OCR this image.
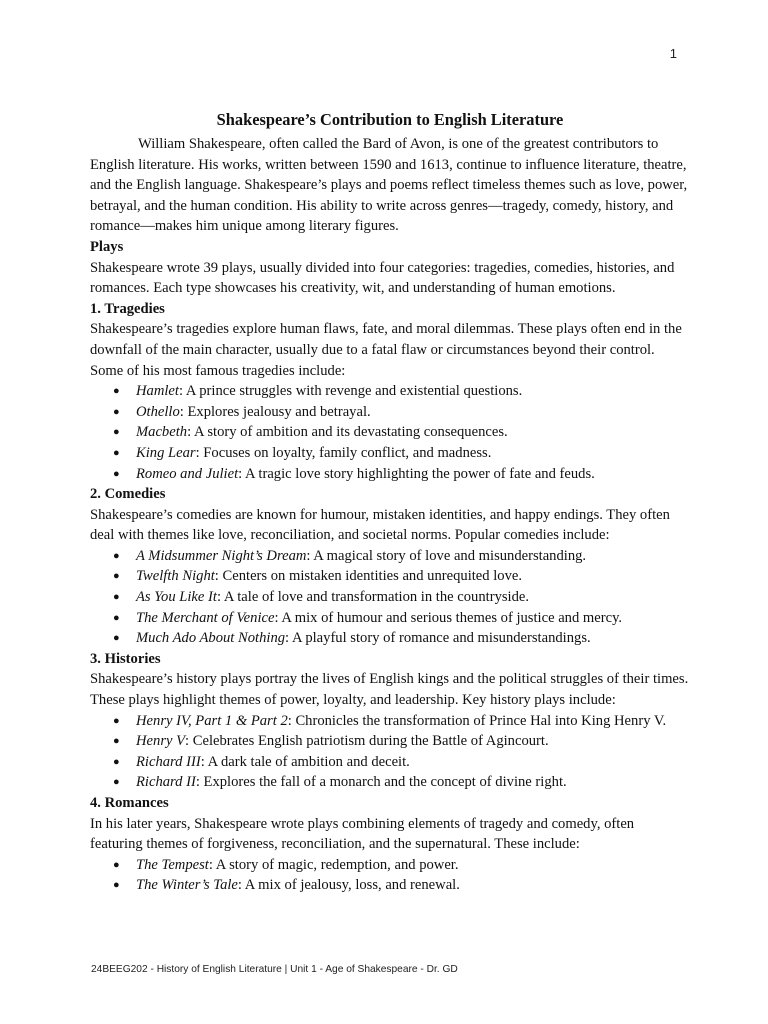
1
Shakespeare’s Contribution to English Literature

William Shakespeare, often called the Bard of Avon, is one of the greatest contributors to English literature. His works, written between 1590 and 1613, continue to influence literature, theatre, and the English language. Shakespeare’s plays and poems reflect timeless themes such as love, power, betrayal, and the human condition. His ability to write across genres—tragedy, comedy, history, and romance—makes him unique among literary figures.

Plays

Shakespeare wrote 39 plays, usually divided into four categories: tragedies, comedies, histories, and romances. Each type showcases his creativity, wit, and understanding of human emotions.

1. Tragedies

Shakespeare’s tragedies explore human flaws, fate, and moral dilemmas. These plays often end in the downfall of the main character, usually due to a fatal flaw or circumstances beyond their control. Some of his most famous tragedies include:

● Hamlet: A prince struggles with revenge and existential questions.
● Othello: Explores jealousy and betrayal.
● Macbeth: A story of ambition and its devastating consequences.
● King Lear: Focuses on loyalty, family conflict, and madness.
● Romeo and Juliet: A tragic love story highlighting the power of fate and feuds.
2. Comedies

Shakespeare’s comedies are known for humour, mistaken identities, and happy endings. They often deal with themes like love, reconciliation, and societal norms. Popular comedies include:

● A Midsummer Night’s Dream: A magical story of love and misunderstanding.
● Twelfth Night: Centers on mistaken identities and unrequited love.
● As You Like It: A tale of love and transformation in the countryside.
● The Merchant of Venice: A mix of humour and serious themes of justice and mercy.
● Much Ado About Nothing: A playful story of romance and misunderstandings.
3. Histories

Shakespeare’s history plays portray the lives of English kings and the political struggles of their times. These plays highlight themes of power, loyalty, and leadership. Key history plays include:

● Henry IV, Part 1 & Part 2: Chronicles the transformation of Prince Hal into King Henry V.
● Henry V: Celebrates English patriotism during the Battle of Agincourt.
● Richard III: A dark tale of ambition and deceit.
● Richard II: Explores the fall of a monarch and the concept of divine right.
4. Romances

In his later years, Shakespeare wrote plays combining elements of tragedy and comedy, often featuring themes of forgiveness, reconciliation, and the supernatural. These include:

● The Tempest: A story of magic, redemption, and power.
● The Winter’s Tale: A mix of jealousy, loss, and renewal.
24BEEG202 - History of English Literature | Unit 1 - Age of Shakespeare - Dr. GD
